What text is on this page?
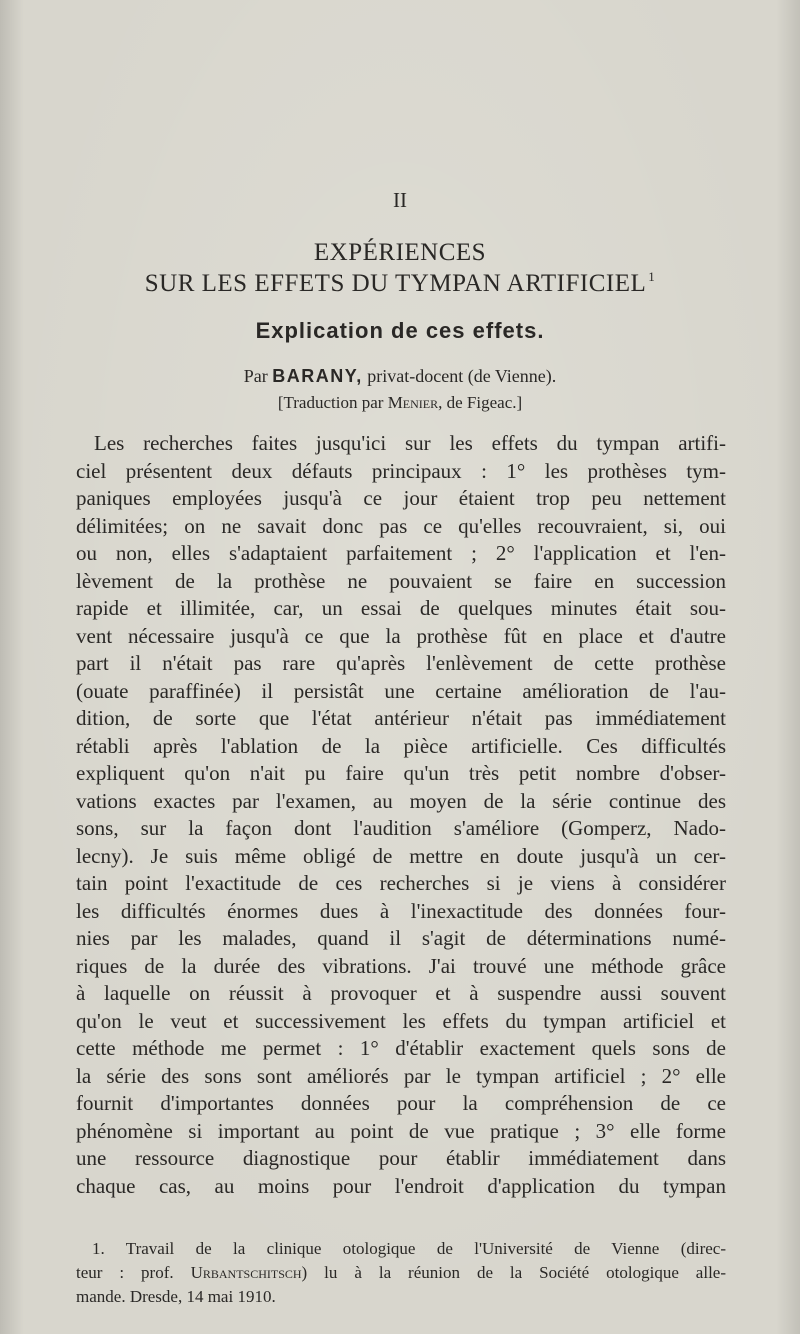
II
EXPÉRIENCES
SUR LES EFFETS DU TYMPAN ARTIFICIEL $^1$
Explication de ces effets.
Par BARANY, privat-docent (de Vienne).
[Traduction par Menier, de Figeac.]
Les recherches faites jusqu'ici sur les effets du tympan artifi-
ciel présentent deux défauts principaux : 1° les prothèses tym-
paniques employées jusqu'à ce jour étaient trop peu nettement
délimitées; on ne savait donc pas ce qu'elles recouvraient, si, oui
ou non, elles s'adaptaient parfaitement ; 2° l'application et l'en-
lèvement de la prothèse ne pouvaient se faire en succession
rapide et illimitée, car, un essai de quelques minutes était sou-
vent nécessaire jusqu'à ce que la prothèse fût en place et d'autre
part il n'était pas rare qu'après l'enlèvement de cette prothèse
(ouate paraffinée) il persistât une certaine amélioration de l'au-
dition, de sorte que l'état antérieur n'était pas immédiatement
rétabli après l'ablation de la pièce artificielle. Ces difficultés
expliquent qu'on n'ait pu faire qu'un très petit nombre d'obser-
vations exactes par l'examen, au moyen de la série continue des
sons, sur la façon dont l'audition s'améliore (Gomperz, Nado-
lecny). Je suis même obligé de mettre en doute jusqu'à un cer-
tain point l'exactitude de ces recherches si je viens à considérer
les difficultés énormes dues à l'inexactitude des données four-
nies par les malades, quand il s'agit de déterminations numé-
riques de la durée des vibrations. J'ai trouvé une méthode grâce
à laquelle on réussit à provoquer et à suspendre aussi souvent
qu'on le veut et successivement les effets du tympan artificiel et
cette méthode me permet : 1° d'établir exactement quels sons de
la série des sons sont améliorés par le tympan artificiel ; 2° elle
fournit d'importantes données pour la compréhension de ce
phénomène si important au point de vue pratique ; 3° elle forme
une ressource diagnostique pour établir immédiatement dans
chaque cas, au moins pour l'endroit d'application du tympan
1. Travail de la clinique otologique de l'Université de Vienne (direc-
teur : prof. Urbantschitsch) lu à la réunion de la Société otologique alle-
mande. Dresde, 14 mai 1910.
